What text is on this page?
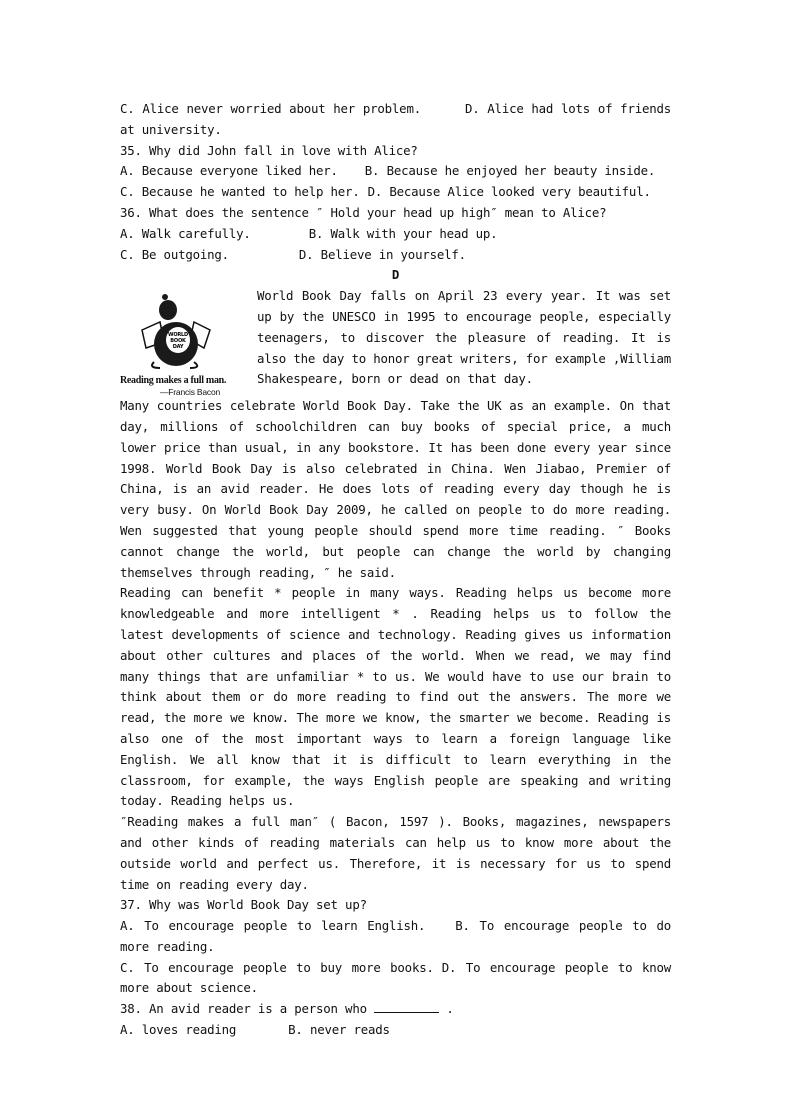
C. Alice never worried about her problem.	D. Alice had lots of friends at university.
35. Why did John fall in love with Alice?
A. Because everyone liked her. B. Because he enjoyed her beauty inside.
C. Because he wanted to help her. D. Because Alice looked very beautiful.
36. What does the sentence ″ Hold your head up high″ mean to Alice?
A. Walk carefully.	B. Walk with your head up.
C. Be outgoing.	D. Believe in yourself.
D
WORLD
BOOK
DAY
Reading makes a full man.
—Francis Bacon
World Book Day falls on April 23 every year. It was set up by the UNESCO in 1995 to encourage people, especially teenagers, to discover the pleasure of reading. It is also the day to honor great writers, for example ,William Shakespeare, born or dead on that day.
Many countries celebrate World Book Day. Take the UK as an example. On that day, millions of schoolchildren can buy books of special price, a much lower price than usual, in any bookstore. It has been done every year since 1998. World Book Day is also celebrated in China. Wen Jiabao, Premier of China, is an avid reader. He does lots of reading every day though he is very busy. On World Book Day 2009, he called on people to do more reading. Wen suggested that young people should spend more time reading. ″ Books cannot change the world, but people can change the world by changing themselves through reading, ″ he said.
Reading can benefit * people in many ways. Reading helps us become more knowledgeable and more intelligent * . Reading helps us to follow the latest developments of science and technology. Reading gives us information about other cultures and places of the world. When we read, we may find many things that are unfamiliar * to us. We would have to use our brain to think about them or do more reading to find out the answers. The more we read, the more we know. The more we know, the smarter we become. Reading is also one of the most important ways to learn a foreign language like English. We all know that it is difficult to learn everything in the classroom, for example, the ways English people are speaking and writing today. Reading helps us.
″Reading makes a full man″ ( Bacon, 1597 ). Books, magazines, newspapers and other kinds of reading materials can help us to know more about the outside world and perfect us. Therefore, it is necessary for us to spend time on reading every day.
37. Why was World Book Day set up?
A. To encourage people to learn English. B. To encourage people to do more reading.
C. To encourage people to buy more books. D. To encourage people to know more about science.
38. An avid reader is a person who	.
A. loves reading	B. never reads
